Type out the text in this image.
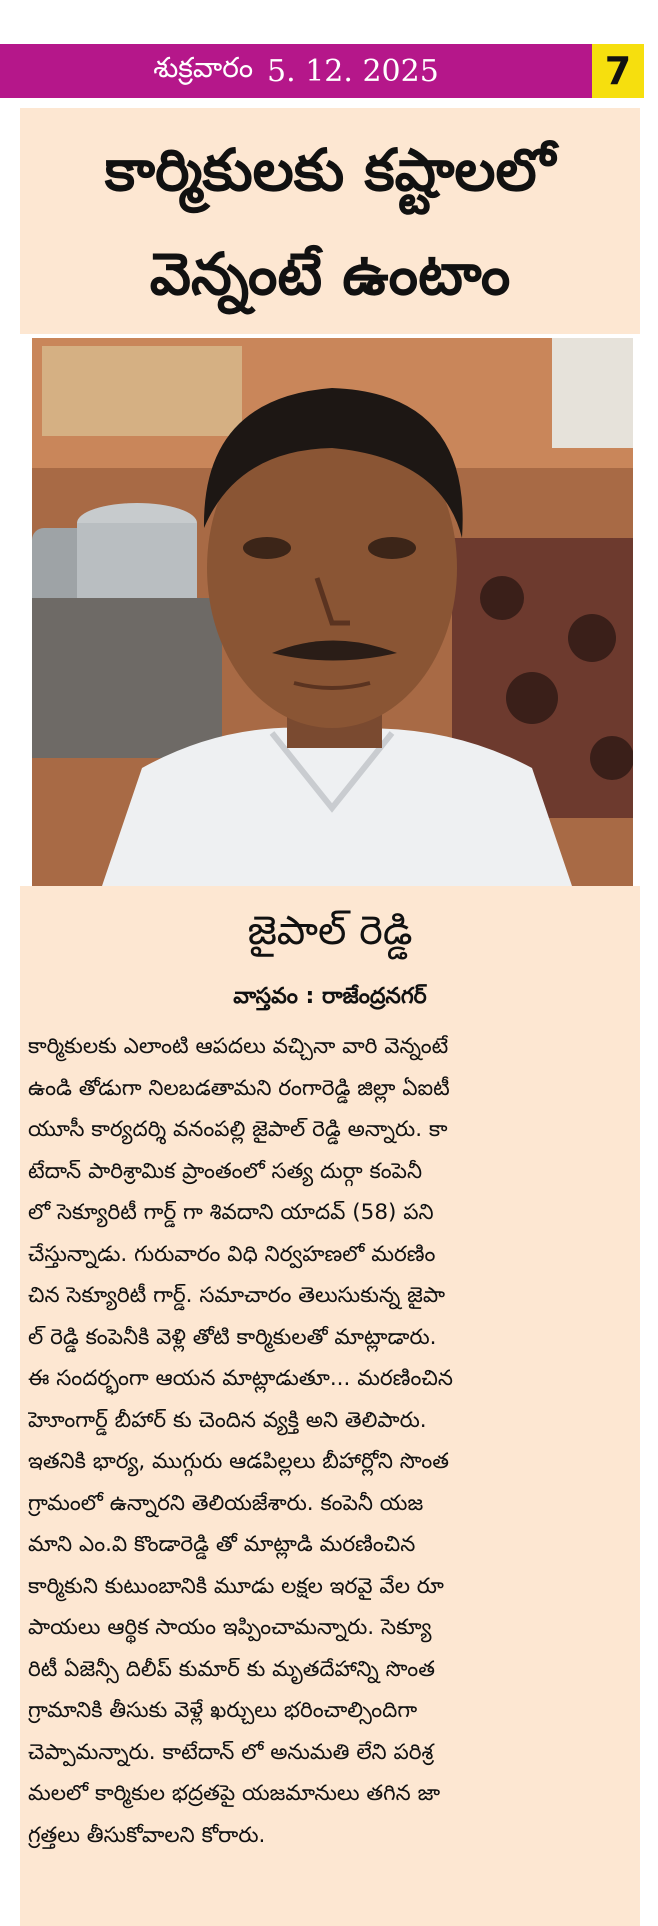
శుక్రవారం 5. 12. 2025	7
కార్మికులకు కష్టాలలో
వెన్నంటే ఉంటాం
జైపాల్ రెడ్డి
వాస్తవం : రాజేంద్రనగర్
కార్మికులకు ఎలాంటి ఆపదలు వచ్చినా వారి వెన్నంటే
ఉండి తోడుగా నిలబడతామని రంగారెడ్డి జిల్లా ఏఐటీ
యూసీ కార్యదర్శి వనంపల్లి జైపాల్ రెడ్డి అన్నారు. కా
టేదాన్ పారిశ్రామిక ప్రాంతంలో సత్య దుర్గా కంపెనీ
లో సెక్యూరిటీ గార్డ్ గా శివదాని యాదవ్ (58) పని
చేస్తున్నాడు. గురువారం విధి నిర్వహణలో మరణిం
చిన సెక్యూరిటీ గార్డ్. సమాచారం తెలుసుకున్న జైపా
ల్ రెడ్డి కంపెనీకి వెళ్లి తోటి కార్మికులతో మాట్లాడారు.
ఈ సందర్భంగా ఆయన మాట్లాడుతూ... మరణించిన
హెూంగార్డ్ బీహార్ కు చెందిన వ్యక్తి అని తెలిపారు.
ఇతనికి భార్య, ముగ్గురు ఆడపిల్లలు బీహార్లోని సొంత
గ్రామంలో ఉన్నారని తెలియజేశారు. కంపెనీ యజ
మాని ఎం.వి కొండారెడ్డి తో మాట్లాడి మరణించిన
కార్మికుని కుటుంబానికి మూడు లక్షల ఇరవై వేల రూ
పాయలు ఆర్థిక సాయం ఇప్పించామన్నారు. సెక్యూ
రిటీ ఏజెన్సీ దిలీప్ కుమార్ కు మృతదేహాన్ని సొంత
గ్రామానికి తీసుకు వెళ్లే ఖర్చులు భరించాల్సిందిగా
చెప్పామన్నారు. కాటేదాన్ లో అనుమతి లేని పరిశ్ర
మలలో కార్మికుల భద్రతపై యజమానులు తగిన జా
గ్రత్తలు తీసుకోవాలని కోరారు.
